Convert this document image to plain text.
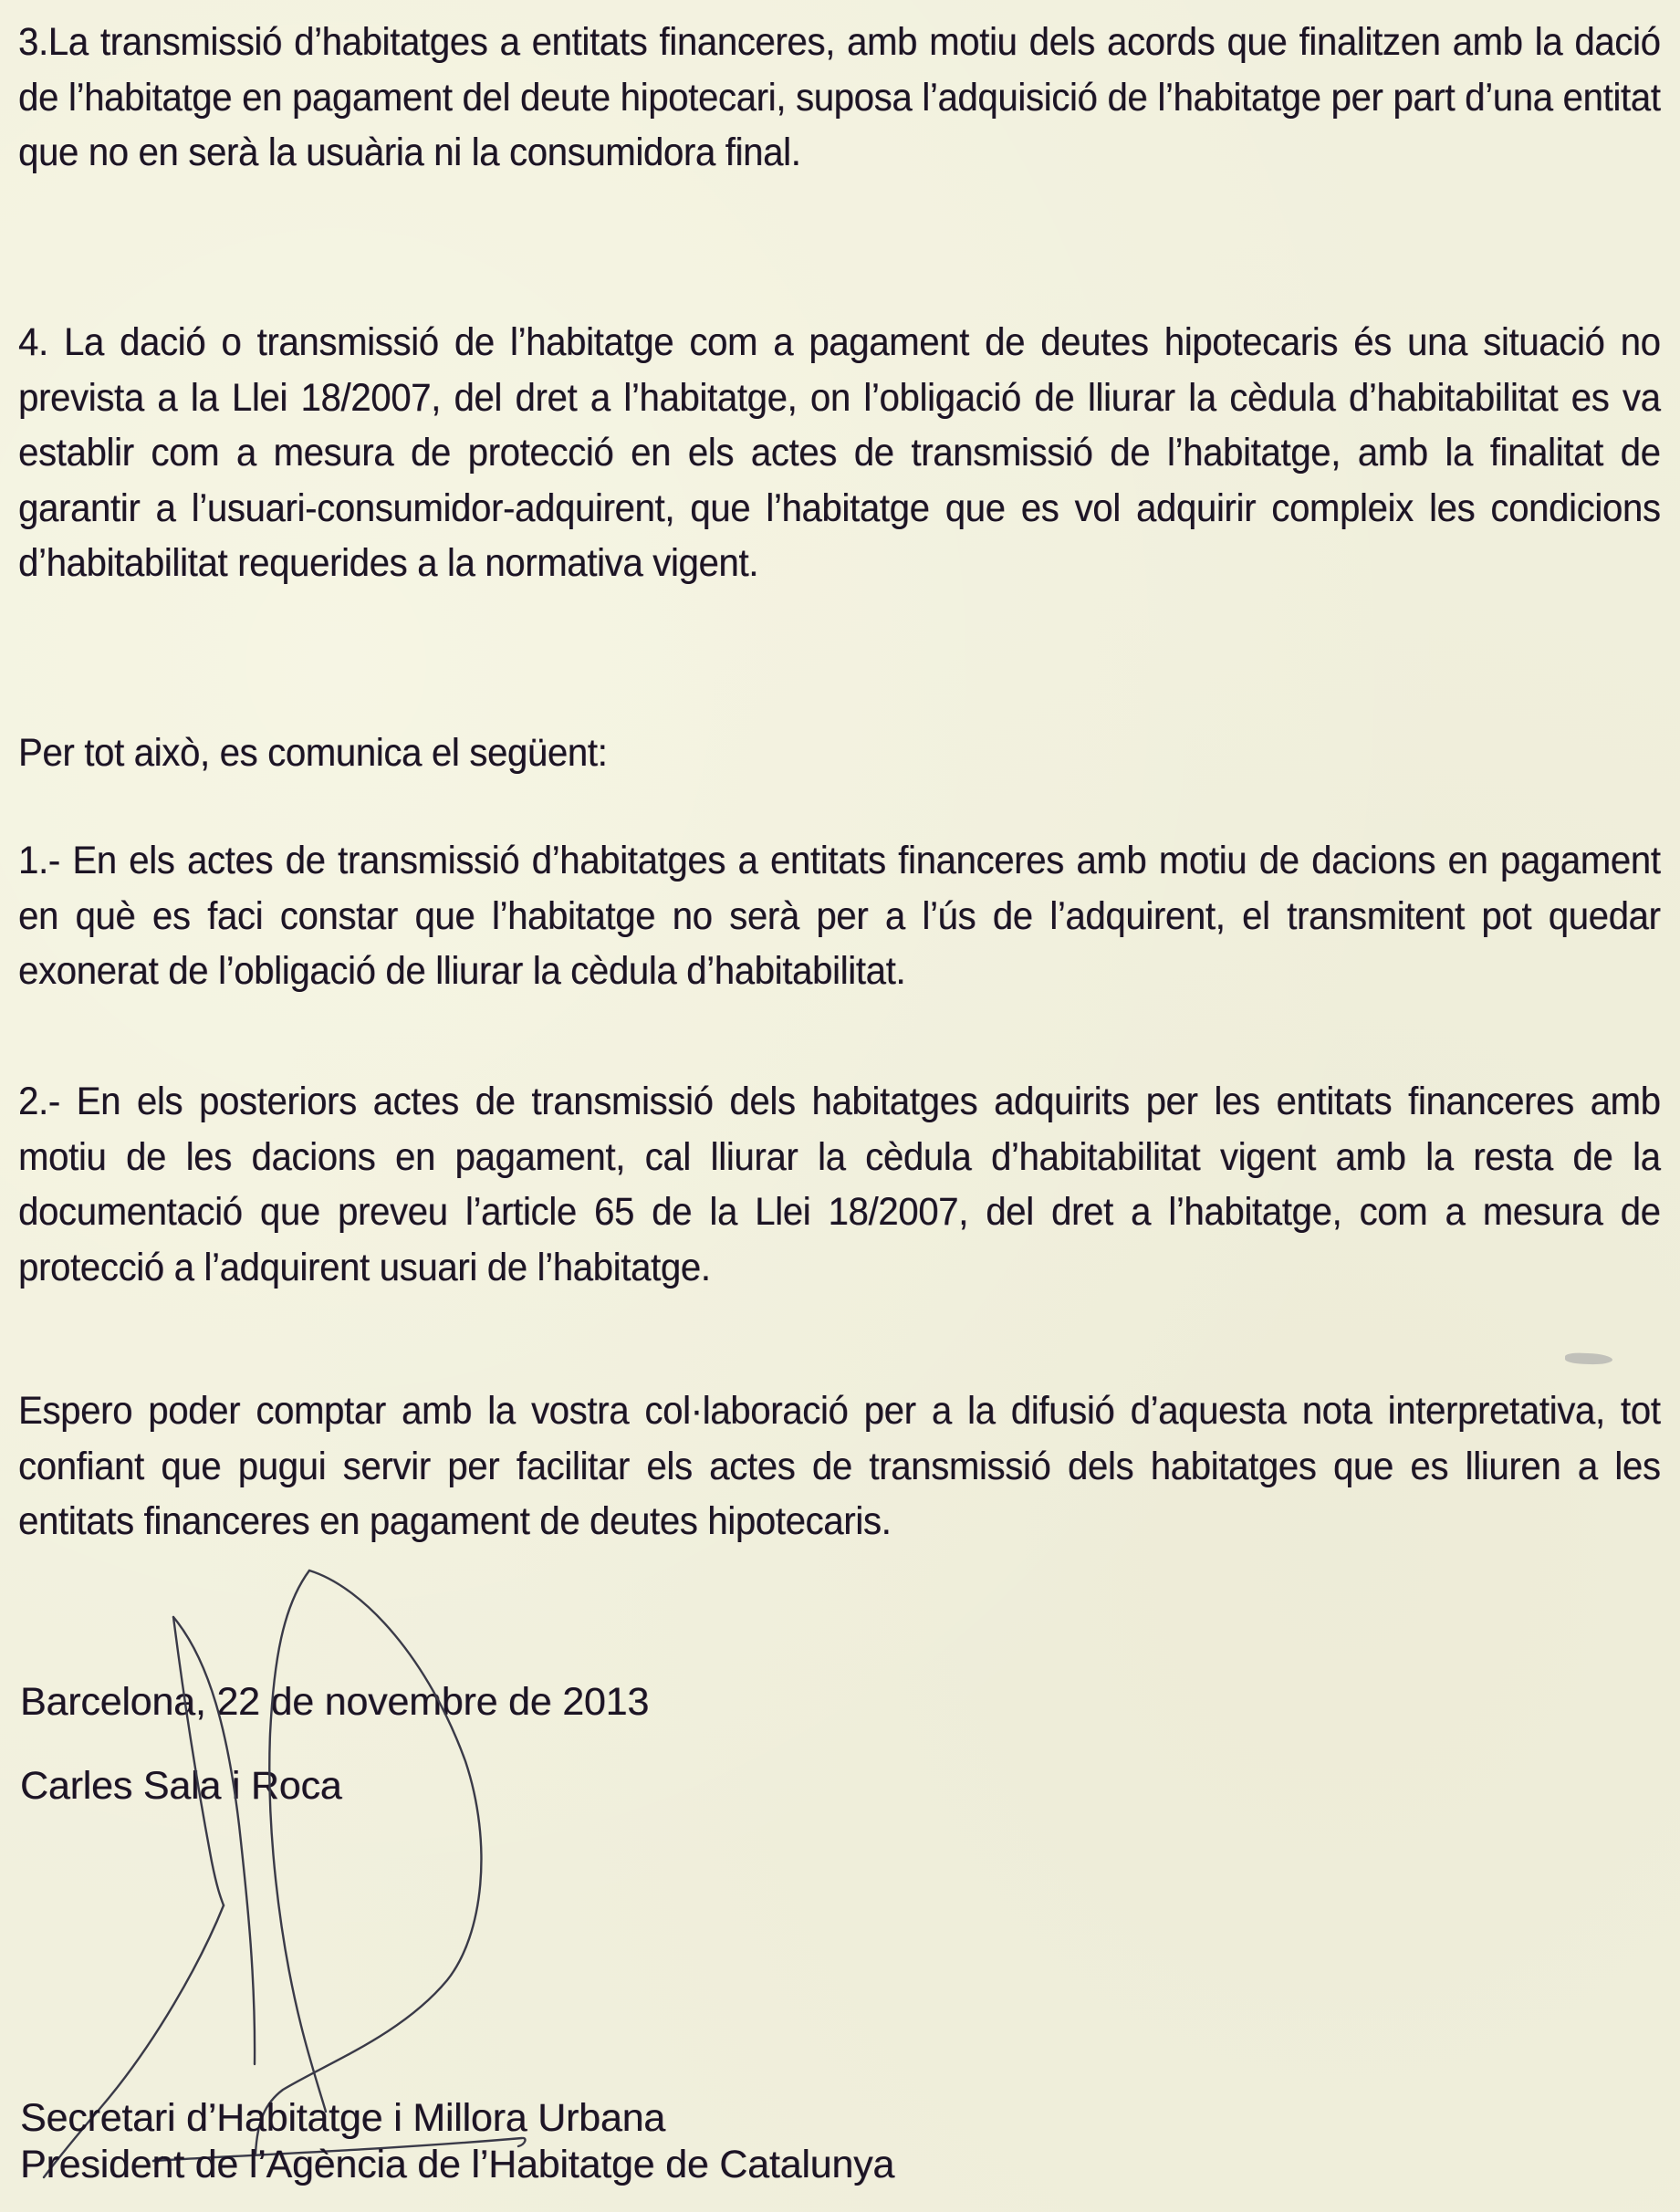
3.La transmissió d’habitatges a entitats financeres, amb motiu dels acords que finalitzen amb la dació de l’habitatge en pagament del deute hipotecari, suposa l’adquisició de l’habitatge per part d’una entitat que no en serà la usuària ni la consumidora final.

4. La dació o transmissió de l’habitatge com a pagament de deutes hipotecaris és una situació no prevista a la Llei 18/2007, del dret a l’habitatge, on l’obligació de lliurar la cèdula d’habitabilitat es va establir com a mesura de protecció en els actes de transmissió de l’habitatge, amb la finalitat de garantir a l’usuari-consumidor-adquirent, que l’habitatge que es vol adquirir compleix les condicions d’habitabilitat requerides a la normativa vigent.

Per tot això, es comunica el següent:

1.- En els actes de transmissió d’habitatges a entitats financeres amb motiu de dacions en pagament en què es faci constar que l’habitatge no serà per a l’ús de l’adquirent, el transmitent pot quedar exonerat de l’obligació de lliurar la cèdula d’habitabilitat.

2.- En els posteriors actes de transmissió dels habitatges adquirits per les entitats financeres amb motiu de les dacions en pagament, cal lliurar la cèdula d’habitabilitat vigent amb la resta de la documentació que preveu l’article 65 de la Llei 18/2007, del dret a l’habitatge, com a mesura de protecció a l’adquirent usuari de l’habitatge.

Espero poder comptar amb la vostra col·laboració per a la difusió d’aquesta nota interpretativa, tot confiant que pugui servir per facilitar els actes de transmissió dels habitatges que es lliuren a les entitats financeres en pagament de deutes hipotecaris.

Barcelona, 22 de novembre de 2013
Carles Sala i Roca
Secretari d’Habitatge i Millora Urbana
President de l’Agència de l’Habitatge de Catalunya
